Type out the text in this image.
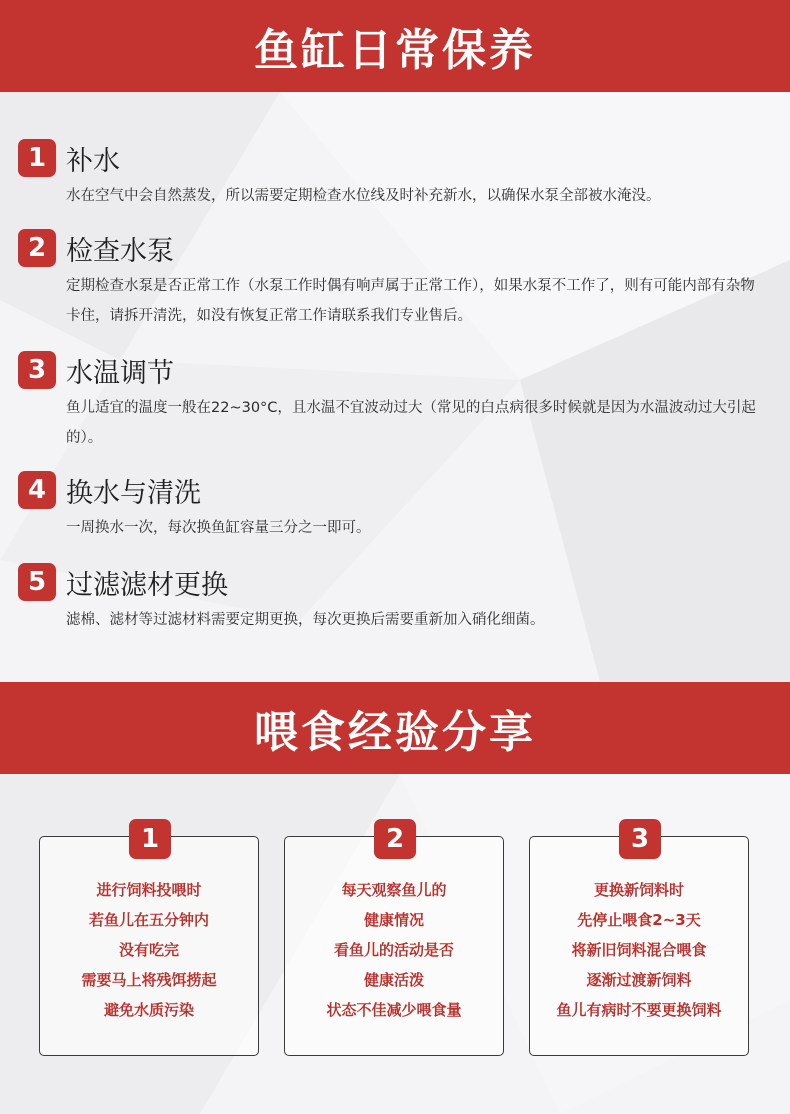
鱼缸日常保养
1 补水
水在空气中会自然蒸发，所以需要定期检查水位线及时补充新水，以确保水泵全部被水淹没。
2 检查水泵
定期检查水泵是否正常工作（水泵工作时偶有响声属于正常工作），如果水泵不工作了，则有可能内部有杂物卡住，请拆开清洗，如没有恢复正常工作请联系我们专业售后。
3 水温调节
鱼儿适宜的温度一般在22~30°C，且水温不宜波动过大（常见的白点病很多时候就是因为水温波动过大引起的）。
4 换水与清洗
一周换水一次，每次换鱼缸容量三分之一即可。
5 过滤滤材更换
滤棉、滤材等过滤材料需要定期更换，每次更换后需要重新加入硝化细菌。
喂食经验分享
1
进行饲料投喂时
若鱼儿在五分钟内
没有吃完
需要马上将残饵捞起
避免水质污染
2
每天观察鱼儿的
健康情况
看鱼儿的活动是否
健康活泼
状态不佳减少喂食量
3
更换新饲料时
先停止喂食2~3天
将新旧饲料混合喂食
逐渐过渡新饲料
鱼儿有病时不要更换饲料
